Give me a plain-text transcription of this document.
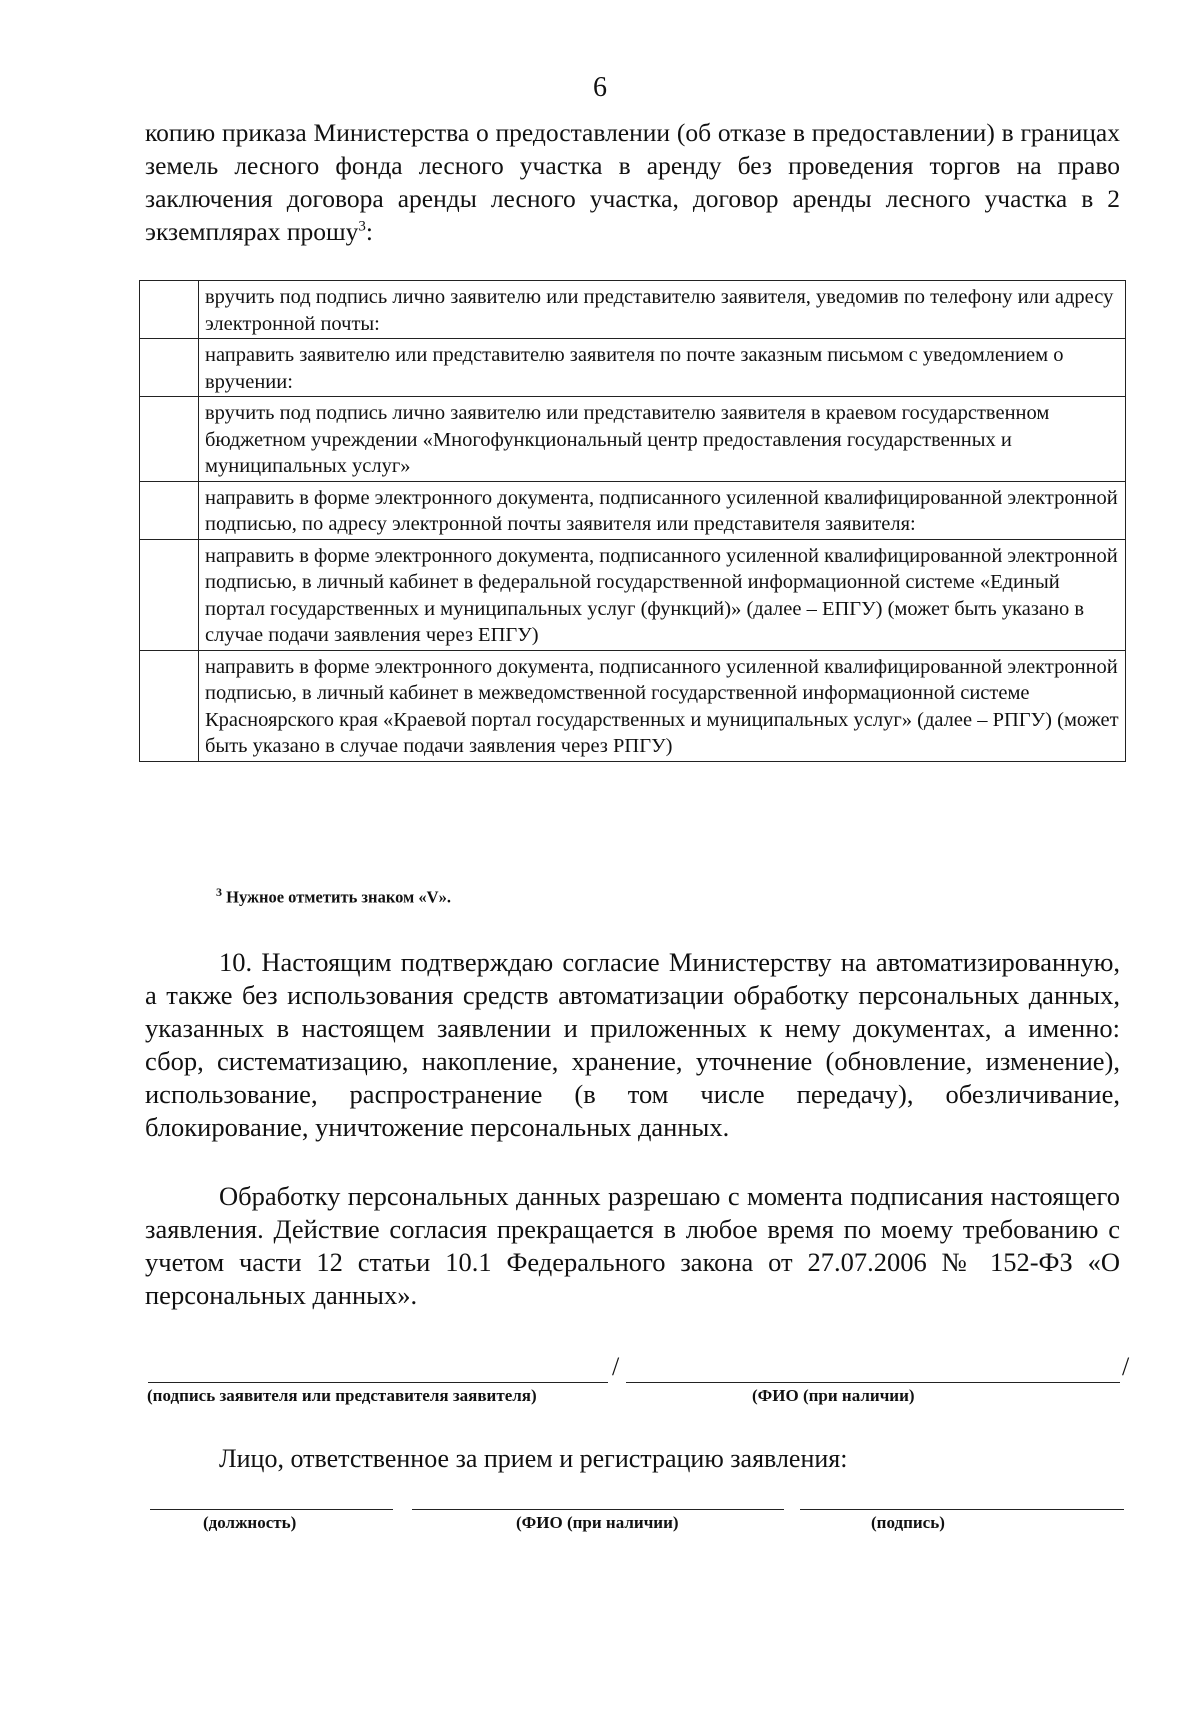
6

копию приказа Министерства о предоставлении (об отказе в предоставлении) в границах земель лесного фонда лесного участка в аренду без проведения торгов на право заключения договора аренды лесного участка, договор аренды лесного участка в 2 экземплярах прошу$^3$:

	вручить под подпись лично заявителю или представителю заявителя, уведомив по телефону или адресу электронной почты:
	направить заявителю или представителю заявителя по почте заказным письмом с уведомлением о вручении:
	вручить под подпись лично заявителю или представителю заявителя в краевом государственном бюджетном учреждении «Многофункциональный центр предоставления государственных и муниципальных услуг»
	направить в форме электронного документа, подписанного усиленной квалифицированной электронной подписью, по адресу электронной почты заявителя или представителя заявителя:
	направить в форме электронного документа, подписанного усиленной квалифицированной электронной подписью, в личный кабинет в федеральной государственной информационной системе «Единый портал государственных и муниципальных услуг (функций)» (далее – ЕПГУ) (может быть указано в случае подачи заявления через ЕПГУ)
	направить в форме электронного документа, подписанного усиленной квалифицированной электронной подписью, в личный кабинет в межведомственной государственной информационной системе Красноярского края «Краевой портал государственных и муниципальных услуг» (далее – РПГУ) (может быть указано в случае подачи заявления через РПГУ)
$^3$ Нужное отметить знаком «V».

10. Настоящим подтверждаю согласие Министерству на автоматизированную, а также без использования средств автоматизации обработку персональных данных, указанных в настоящем заявлении и приложенных к нему документах, а именно: сбор, систематизацию, накопление, хранение, уточнение (обновление, изменение), использование, распространение (в том числе передачу), обезличивание, блокирование, уничтожение персональных данных.

Обработку персональных данных разрешаю с момента подписания настоящего заявления. Действие согласия прекращается в любое время по моему требованию с учетом части 12 статьи 10.1 Федерального закона от 27.07.2006 № 152-ФЗ «О персональных данных».

/	/
(подпись заявителя или представителя заявителя)	(ФИО (при наличии)
Лицо, ответственное за прием и регистрацию заявления:
(должность)	(ФИО (при наличии)	(подпись)
